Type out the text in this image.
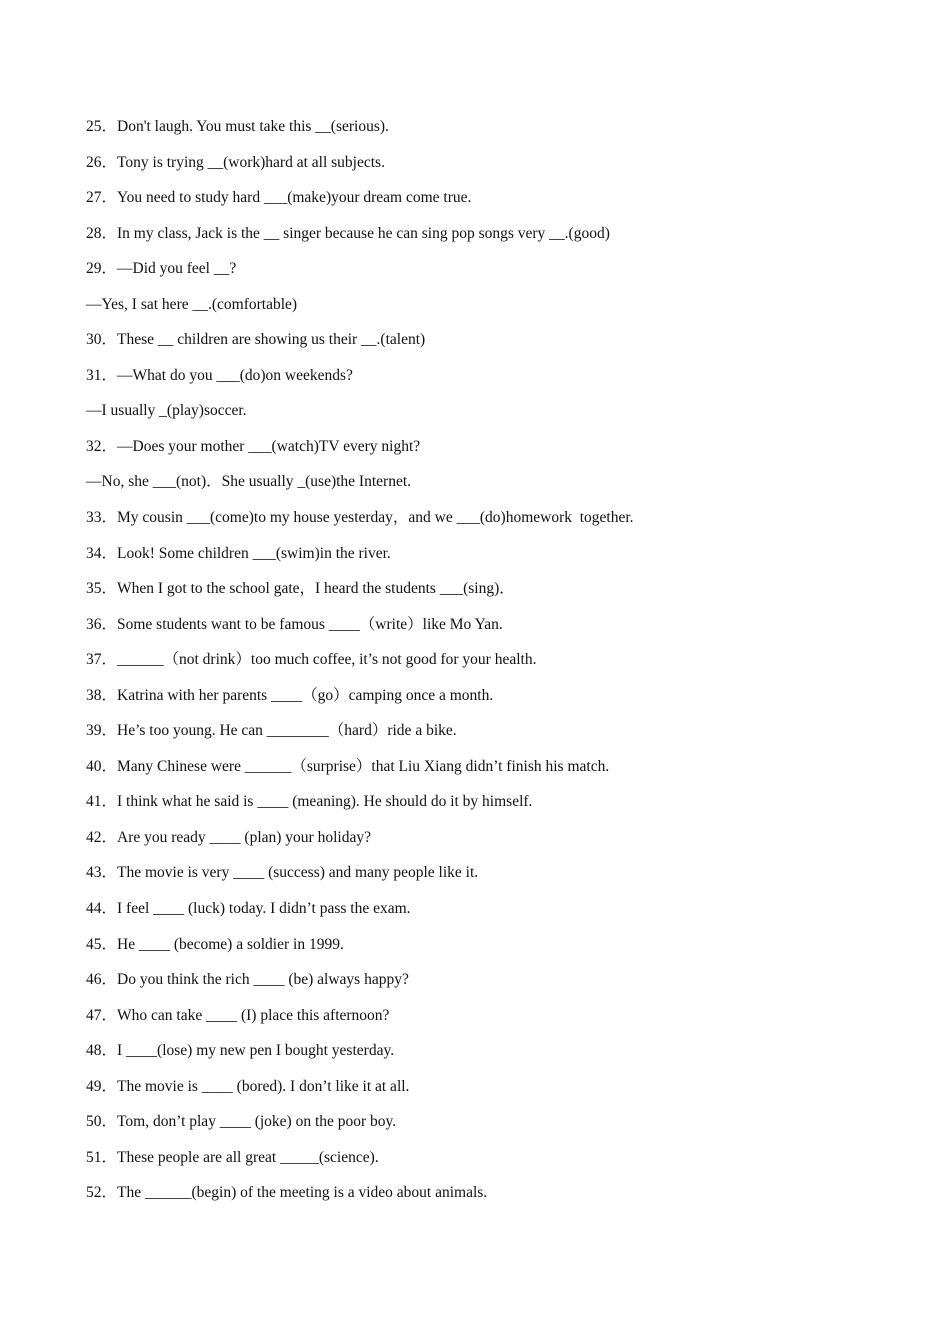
25．Don't laugh. You must take this __(serious).
26．Tony is trying __(work)hard at all subjects.
27．You need to study hard ___(make)your dream come true.
28．In my class, Jack is the __ singer because he can sing pop songs very __.(good)
29．—Did you feel __?
—Yes, I sat here __.(comfortable)
30．These __ children are showing us their __.(talent)
31．—What do you ___(do)on weekends?
—I usually _(play)soccer.
32．—Does your mother ___(watch)TV every night?
—No, she ___(not)．She usually _(use)the Internet.
33．My cousin ___(come)to my house yesterday，and we ___(do)homework  together.
34．Look! Some children ___(swim)in the river.
35．When I got to the school gate，I heard the students ___(sing)．
36．Some students want to be famous ____（write）like Mo Yan.
37．______（not drink）too much coffee, it’s not good for your health.
38．Katrina with her parents ____（go）camping once a month.
39．He’s too young. He can ________（hard）ride a bike.
40．Many Chinese were ______（surprise）that Liu Xiang didn’t finish his match.
41．I think what he said is ____ (meaning). He should do it by himself.
42．Are you ready ____ (plan) your holiday?
43．The movie is very ____ (success) and many people like it.
44．I feel ____ (luck) today. I didn’t pass the exam.
45．He ____ (become) a soldier in 1999.
46．Do you think the rich ____ (be) always happy?
47．Who can take ____ (I) place this afternoon?
48．I ____(lose) my new pen I bought yesterday.
49．The movie is ____ (bored). I don’t like it at all.
50．Tom, don’t play ____ (joke) on the poor boy.
51．These people are all great _____(science).
52．The ______(begin) of the meeting is a video about animals.
